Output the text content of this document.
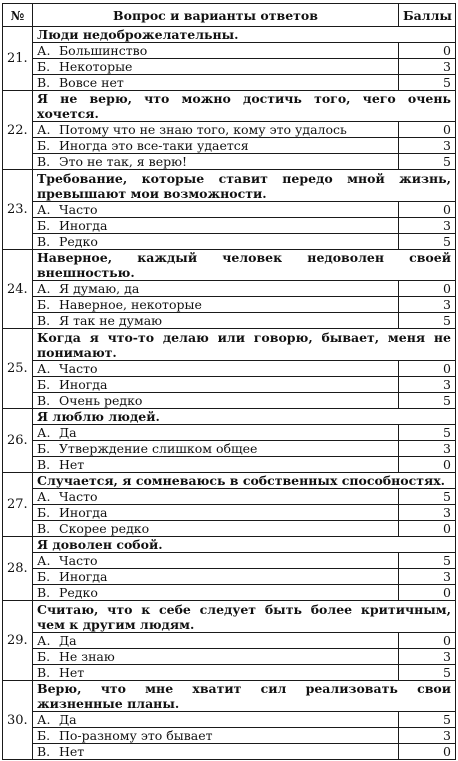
№	Вопрос и варианты ответов	Баллы
21.	Люди недоброжелательны.	
	А. Большинство	0
	Б. Некоторые	3
	В. Вовсе нет	5
22.	Я не верю, что можно достичь того, чего очень хочется.	
	А. Потому что не знаю того, кому это удалось	0
	Б. Иногда это все-таки удается	3
	В. Это не так, я верю!	5
23.	Требование, которые ставит передо мной жизнь, превышают мои возможности.	
	А. Часто	0
	Б. Иногда	3
	В. Редко	5
24.	Наверное, каждый человек недоволен своей внешностью.	
	А. Я думаю, да	0
	Б. Наверное, некоторые	3
	В. Я так не думаю	5
25.	Когда я что-то делаю или говорю, бывает, меня не понимают.	
	А. Часто	0
	Б. Иногда	3
	В. Очень редко	5
26.	Я люблю людей.	
	А. Да	5
	Б. Утверждение слишком общее	3
	В. Нет	0
27.	Случается, я сомневаюсь в собственных способностях.	
	А. Часто	5
	Б. Иногда	3
	В. Скорее редко	0
28.	Я доволен собой.	
	А. Часто	5
	Б. Иногда	3
	В. Редко	0
29.	Считаю, что к себе следует быть более критичным, чем к другим людям.	
	А. Да	0
	Б. Не знаю	3
	В. Нет	5
30.	Верю, что мне хватит сил реализовать свои жизненные планы.	
	А. Да	5
	Б. По-разному это бывает	3
	В. Нет	0
